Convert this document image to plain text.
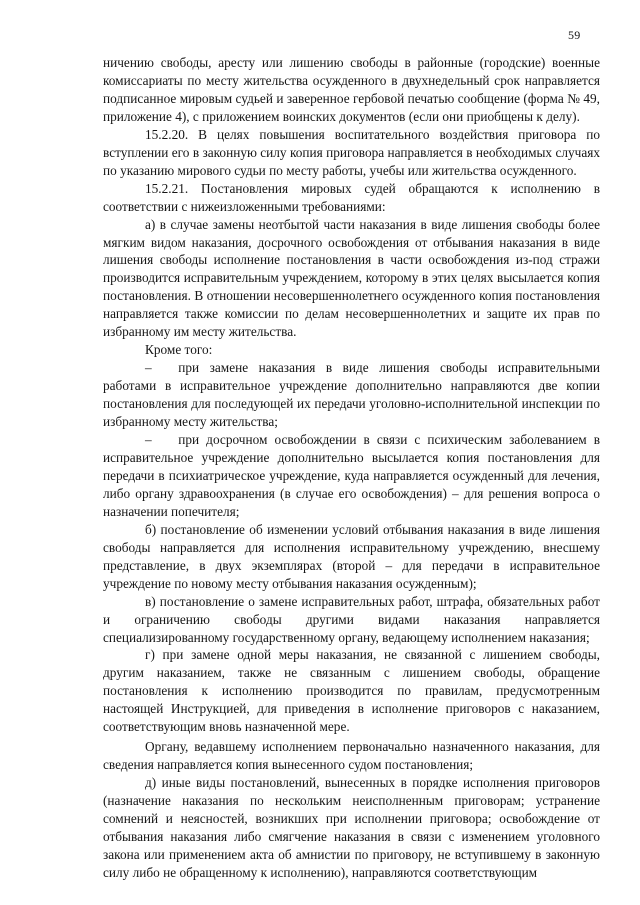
59

ничению свободы, аресту или лишению свободы в районные (городские) военные комиссариаты по месту жительства осужденного в двухнедельный срок направляется подписанное мировым судьей и заверенное гербовой печатью сообщение (форма № 49, приложение 4), с приложением воинских документов (если они приобщены к делу).

15.2.20. В целях повышения воспитательного воздействия приговора по вступлении его в законную силу копия приговора направляется в необходимых случаях по указанию мирового судьи по месту работы, учебы или жительства осужденного.

15.2.21. Постановления мировых судей обращаются к исполнению в соответствии с нижеизложенными требованиями:

а) в случае замены неотбытой части наказания в виде лишения свободы более мягким видом наказания, досрочного освобождения от отбывания наказания в виде лишения свободы исполнение постановления в части освобождения из-под стражи производится исправительным учреждением, которому в этих целях высылается копия постановления. В отношении несовершеннолетнего осужденного копия постановления направляется также комиссии по делам несовершеннолетних и защите их прав по избранному им месту жительства.

Кроме того:

–  при замене наказания в виде лишения свободы исправительными работами в исправительное учреждение дополнительно направляются две копии постановления для последующей их передачи уголовно-исполнительной инспекции по избранному месту жительства;

–  при досрочном освобождении в связи с психическим заболеванием в исправительное учреждение дополнительно высылается копия постановления для передачи в психиатрическое учреждение, куда направляется осужденный для лечения, либо органу здравоохранения (в случае его освобождения) – для решения вопроса о назначении попечителя;

б) постановление об изменении условий отбывания наказания в виде лишения свободы направляется для исполнения исправительному учреждению, внесшему представление, в двух экземплярах (второй – для передачи в исправительное учреждение по новому месту отбывания наказания осужденным);

в) постановление о замене исправительных работ, штрафа, обязательных работ и ограничению свободы другими видами наказания направляется специализированному государственному органу, ведающему исполнением наказания;

г) при замене одной меры наказания, не связанной с лишением свободы, другим наказанием, также не связанным с лишением свободы, обращение постановления к исполнению производится по правилам, предусмотренным настоящей Инструкцией, для приведения в исполнение приговоров с наказанием, соответствующим вновь назначенной мере.

Органу, ведавшему исполнением первоначально назначенного наказания, для сведения направляется копия вынесенного судом постановления;

д) иные виды постановлений, вынесенных в порядке исполнения приговоров (назначение наказания по нескольким неисполненным приговорам; устранение сомнений и неясностей, возникших при исполнении приговора; освобождение от отбывания наказания либо смягчение наказания в связи с изменением уголовного закона или применением акта об амнистии по приговору, не вступившему в законную силу либо не обращенному к исполнению), направляются соответствующим
